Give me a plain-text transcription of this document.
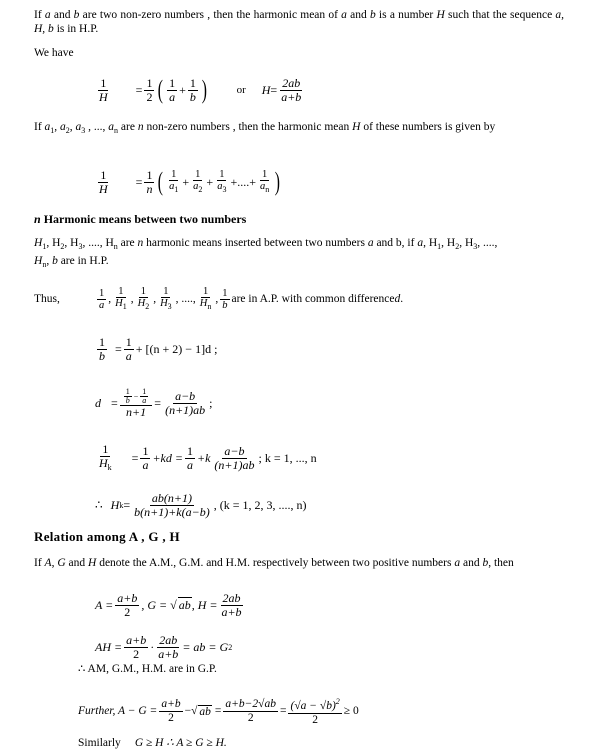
If a and b are two non-zero numbers , then the harmonic mean of a and b is a number H such that the sequence a, H, b is in H.P.
We have
$\frac{1}{H} = \frac{1}{2}$ ( $\frac{1}{a} + \frac{1}{b}$ )	or $H = \frac{2ab}{a+b}$
If $a_1$, $a_2$, $a_3$ , ..., $a_n$ are n non-zero numbers , then the harmonic mean H of these numbers is given by
$\frac{1}{H} = \frac{1}{n}$ ( $\frac{1}{a_1} + \frac{1}{a_2} + \frac{1}{a_3}$ +....+ $\frac{1}{a_n}$ )
n Harmonic means between two numbers
$H_1$, $H_2$, $H_3$, ...., $H_n$ are n harmonic means inserted between two numbers a and b, if a, $H_1$, $H_2$, $H_3$, ....,
$H_n$, b are in H.P.
Thus,	$\frac{1}{a}$ , $\frac{1}{H_1}$ , $\frac{1}{H_2}$ , $\frac{1}{H_3}$ , ...., $\frac{1}{H_n}$ , $\frac{1}{b}$ are in A.P. with common difference d .
$\frac{1}{b} = \frac{1}{a} + [(n + 2) - 1]d$ ;
$d = \frac{\frac{1}{b} - \frac{1}{a}}{n+1} = \frac{a-b}{(n+1)ab}$ ;
$\frac{1}{H_k} = \frac{1}{a} +kd = \frac{1}{a} +k \frac{a-b}{(n+1)ab}$ ; k = 1, ..., n
∴ H $k = \frac{ab(n+1)}{b(n+1)+k(a-b)}$ , (k = 1, 2, 3, ...., n)
Relation among A , G , H
If A, G and H denote the A.M., G.M. and H.M. respectively between two positive numbers a and b, then
$A = \frac{a+b}{2}$ , G = √ ab , $H = \frac{2ab}{a+b}$
AH = $\frac{a+b}{2} \cdot \frac{2ab}{a+b}$ = ab = G 2
∴ AM, G.M., H.M. are in G.P.
Further, $A - G = \frac{a+b}{2}$ − √ ab = $\frac{a+b-2√ab}{2} = \frac{(√a - √b)^2}{2} \ge 0$
Similarly G ≥ H ∴ A ≥ G ≥ H.
